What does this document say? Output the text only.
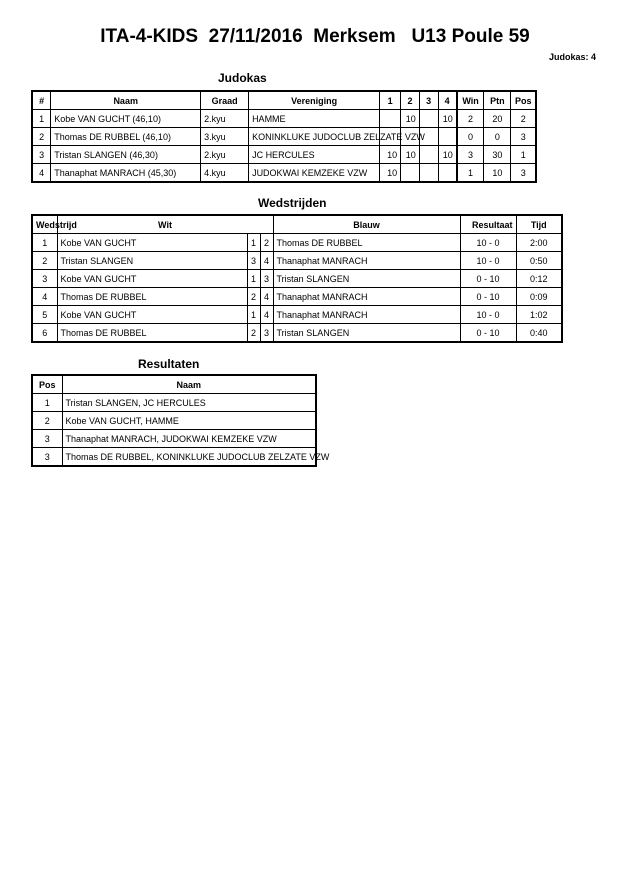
ITA-4-KIDS  27/11/2016  Merksem   U13 Poule 59
Judokas: 4
Judokas
#	Naam	Graad	Vereniging	1	2	3	4	Win	Ptn	Pos
1	Kobe VAN GUCHT (46,10)	2.kyu	HAMME		10		10	2	20	2
2	Thomas DE RUBBEL (46,10)	3.kyu	KONINKLUKE JUDOCLUB ZELZATE VZW					0	0	3
3	Tristan SLANGEN (46,30)	2.kyu	JC HERCULES	10	10		10	3	30	1
4	Thanaphat MANRACH (45,30)	4.kyu	JUDOKWAI KEMZEKE VZW	10				1	10	3
Wedstrijden
Wedstrijd	Wit			Blauw	Resultaat	Tijd
1	Kobe VAN GUCHT	1	2	Thomas DE RUBBEL	10 - 0	2:00
2	Tristan SLANGEN	3	4	Thanaphat MANRACH	10 - 0	0:50
3	Kobe VAN GUCHT	1	3	Tristan SLANGEN	0 - 10	0:12
4	Thomas DE RUBBEL	2	4	Thanaphat MANRACH	0 - 10	0:09
5	Kobe VAN GUCHT	1	4	Thanaphat MANRACH	10 - 0	1:02
6	Thomas DE RUBBEL	2	3	Tristan SLANGEN	0 - 10	0:40
Resultaten
Pos	Naam
1	Tristan SLANGEN, JC HERCULES
2	Kobe VAN GUCHT, HAMME
3	Thanaphat MANRACH, JUDOKWAI KEMZEKE VZW
3	Thomas DE RUBBEL, KONINKLUKE JUDOCLUB ZELZATE VZW
